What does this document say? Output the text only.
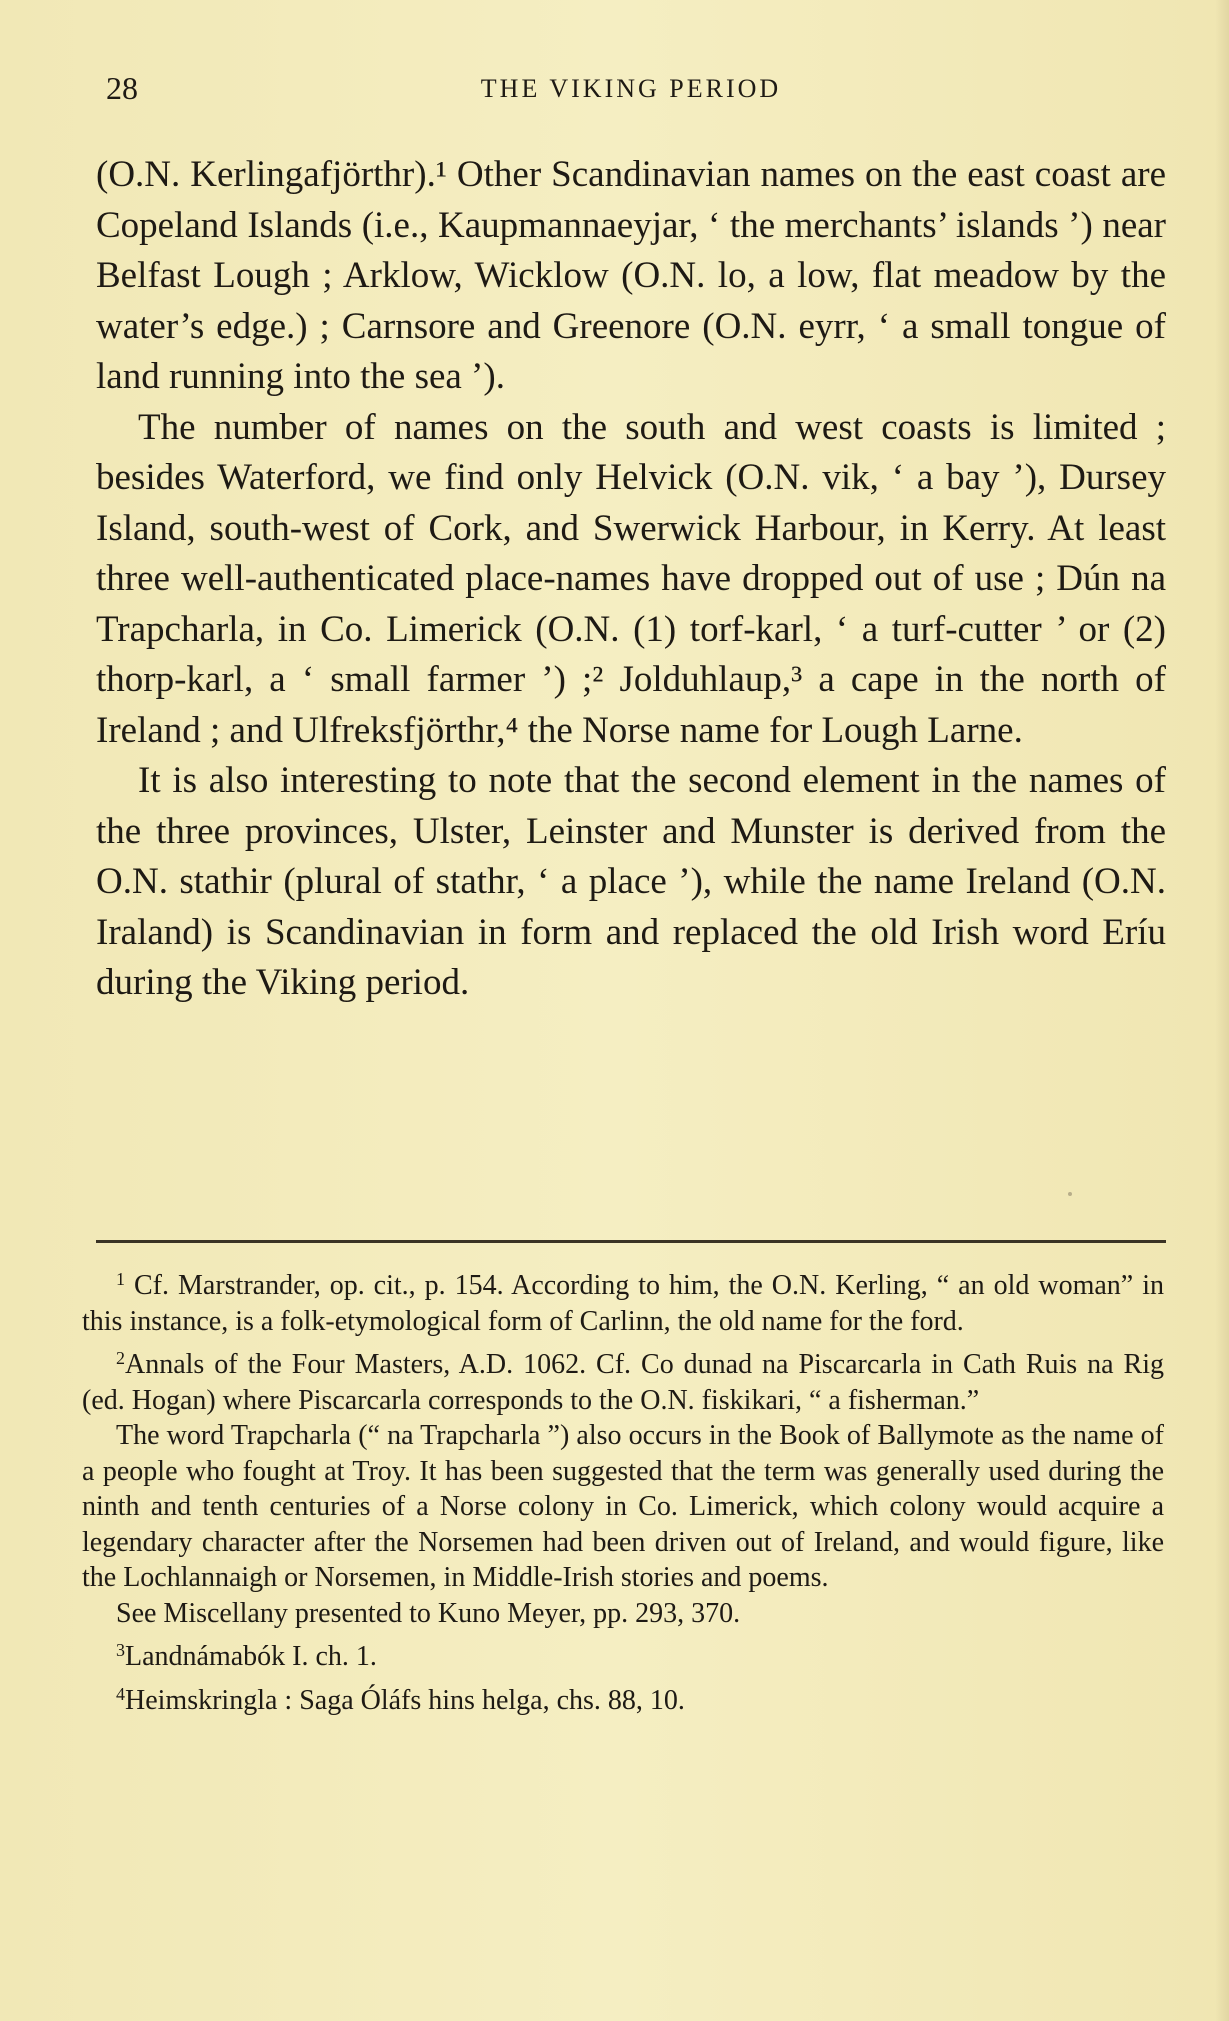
28	THE VIKING PERIOD

(O.N. Kerlingafjörthr).¹ Other Scandinavian names on the east coast are Copeland Islands (i.e., Kaupmannaeyjar, ‘ the merchants’ islands ’) near Belfast Lough ; Arklow, Wicklow (O.N. lo, a low, flat meadow by the water’s edge.) ; Carnsore and Greenore (O.N. eyrr, ‘ a small tongue of land running into the sea ’).

The number of names on the south and west coasts is limited ; besides Waterford, we find only Helvick (O.N. vik, ‘ a bay ’), Dursey Island, south-west of Cork, and Swerwick Harbour, in Kerry. At least three well-authenticated place-names have dropped out of use ; Dún na Trapcharla, in Co. Limerick (O.N. (1) torf-karl, ‘ a turf-cutter ’ or (2) thorp-karl, a ‘ small farmer ’) ;² Jolduhlaup,³ a cape in the north of Ireland ; and Ulfreksfjörthr,⁴ the Norse name for Lough Larne.

It is also interesting to note that the second element in the names of the three provinces, Ulster, Leinster and Munster is derived from the O.N. stathir (plural of stathr, ‘ a place ’), while the name Ireland (O.N. Iraland) is Scandinavian in form and replaced the old Irish word Eríu during the Viking period.

$^1$ Cf. Marstrander, op. cit., p. 154. According to him, the O.N. Kerling, “ an old woman” in this instance, is a folk-etymological form of Carlinn, the old name for the ford.

$^2$Annals of the Four Masters, A.D. 1062. Cf. Co dunad na Piscarcarla in Cath Ruis na Rig (ed. Hogan) where Piscarcarla corresponds to the O.N. fiskikari, “ a fisherman.”

The word Trapcharla (“ na Trapcharla ”) also occurs in the Book of Ballymote as the name of a people who fought at Troy. It has been suggested that the term was generally used during the ninth and tenth centuries of a Norse colony in Co. Limerick, which colony would acquire a legendary character after the Norsemen had been driven out of Ireland, and would figure, like the Lochlannaigh or Norsemen, in Middle-Irish stories and poems.

See Miscellany presented to Kuno Meyer, pp. 293, 370.

$^3$Landnámabók I. ch. 1.

$^4$Heimskringla : Saga Óláfs hins helga, chs. 88, 10.
